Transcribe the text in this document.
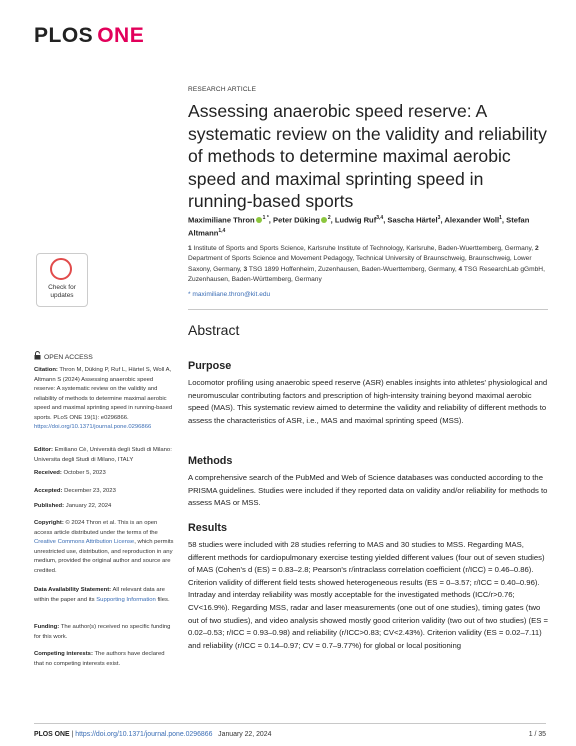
PLOS ONE
Check for
updates
OPEN ACCESS
Citation: Thron M, Düking P, Ruf L, Härtel S, Woll A, Altmann S (2024) Assessing anaerobic speed reserve: A systematic review on the validity and reliability of methods to determine maximal aerobic speed and maximal sprinting speed in running-based sports. PLoS ONE 19(1): e0296866. https://doi.org/10.1371/journal.pone.0296866
Editor: Emiliano Cè, Università degli Studi di Milano: Universita degli Studi di Milano, ITALY
Received: October 5, 2023
Accepted: December 23, 2023
Published: January 22, 2024
Copyright: © 2024 Thron et al. This is an open access article distributed under the terms of the Creative Commons Attribution License, which permits unrestricted use, distribution, and reproduction in any medium, provided the original author and source are credited.
Data Availability Statement: All relevant data are within the paper and its Supporting Information files.
Funding: The author(s) received no specific funding for this work.
Competing interests: The authors have declared that no competing interests exist.
RESEARCH ARTICLE
Assessing anaerobic speed reserve: A systematic review on the validity and reliability of methods to determine maximal aerobic speed and maximal sprinting speed in running-based sports
Maximiliane Thron $^{1 *}$, Peter Düking $^2$, Ludwig Ruf$^{3,4}$, Sascha Härtel$^3$, Alexander Woll$^1$, Stefan Altmann$^{1,4}$
1 Institute of Sports and Sports Science, Karlsruhe Institute of Technology, Karlsruhe, Baden-Wuerttemberg, Germany, 2 Department of Sports Science and Movement Pedagogy, Technical University of Braunschweig, Braunschweig, Lower Saxony, Germany, 3 TSG 1899 Hoffenheim, Zuzenhausen, Baden-Wuerttemberg, Germany, 4 TSG ResearchLab gGmbH, Zuzenhausen, Baden-Württemberg, Germany
* maximiliane.thron@kit.edu
Abstract
Purpose
Locomotor profiling using anaerobic speed reserve (ASR) enables insights into athletes' physiological and neuromuscular contributing factors and prescription of high-intensity training beyond maximal aerobic speed (MAS). This systematic review aimed to determine the validity and reliability of different methods to assess the characteristics of ASR, i.e., MAS and maximal sprinting speed (MSS).
Methods
A comprehensive search of the PubMed and Web of Science databases was conducted according to the PRISMA guidelines. Studies were included if they reported data on validity and/or reliability for methods to assess MAS or MSS.
Results
58 studies were included with 28 studies referring to MAS and 30 studies to MSS. Regarding MAS, different methods for cardiopulmonary exercise testing yielded different values (four out of seven studies) of MAS (Cohen's d (ES) = 0.83–2.8; Pearson's r/intraclass correlation coefficient (r/ICC) = 0.46–0.86). Criterion validity of different field tests showed heterogeneous results (ES = 0–3.57; r/ICC = 0.40–0.96). Intraday and interday reliability was mostly acceptable for the investigated methods (ICC/r>0.76; CV<16.9%). Regarding MSS, radar and laser measurements (one out of one studies), timing gates (two out of two studies), and video analysis showed mostly good criterion validity (two out of two studies) (ES = 0.02–0.53; r/ICC = 0.93–0.98) and reliability (r/ICC>0.83; CV<2.43%). Criterion validity (ES = 0.02–7.11) and reliability (r/ICC = 0.14–0.97; CV = 0.7–9.77%) for global or local positioning
PLOS ONE | https://doi.org/10.1371/journal.pone.0296866 January 22, 2024	1 / 35
